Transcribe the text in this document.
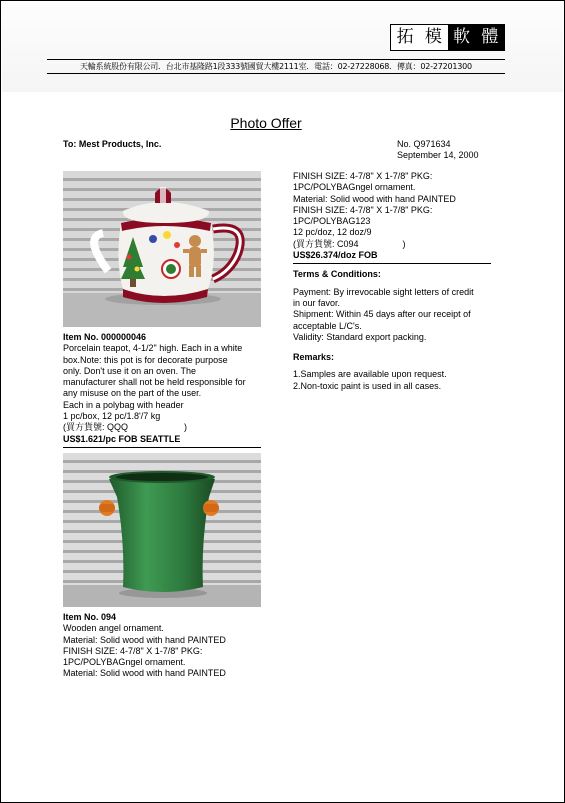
拓 模 軟 體
天輪系統股份有限公司．台北市基隆路1段333號國貿大樓2111室．電話：02-27228068．傳真：02-27201300
Photo Offer
To: Mest Products, Inc.	No. Q971634
September 14, 2000
Item No. 000000046
Porcelain teapot, 4-1/2" high. Each in a white
box.Note: this pot is for decorate purpose
only. Don't use it on an oven. The
manufacturer shall not be held responsible for
any misuse on the part of the user.
Each in a polybag with header
1 pc/box, 12 pc/1.8'/7 kg
(買方貨號: QQQ	)
US$1.621/pc FOB SEATTLE
Item No. 094
Wooden angel ornament.
Material: Solid wood with hand PAINTED
FINISH SIZE: 4-7/8" X 1-7/8" PKG:
1PC/POLYBAGngel ornament.
Material: Solid wood with hand PAINTED
FINISH SIZE: 4-7/8" X 1-7/8" PKG:
1PC/POLYBAGngel ornament.
Material: Solid wood with hand PAINTED
FINISH SIZE: 4-7/8" X 1-7/8" PKG:
1PC/POLYBAG123
12 pc/doz, 12 doz/9
(買方貨號: C094	)
US$26.374/doz FOB
Terms & Conditions:
Payment: By irrevocable sight letters of credit
in our favor.
Shipment: Within 45 days after our receipt of
acceptable L/C's.
Validity: Standard export packing.
Remarks:
1.Samples are available upon request.
2.Non-toxic paint is used in all cases.
